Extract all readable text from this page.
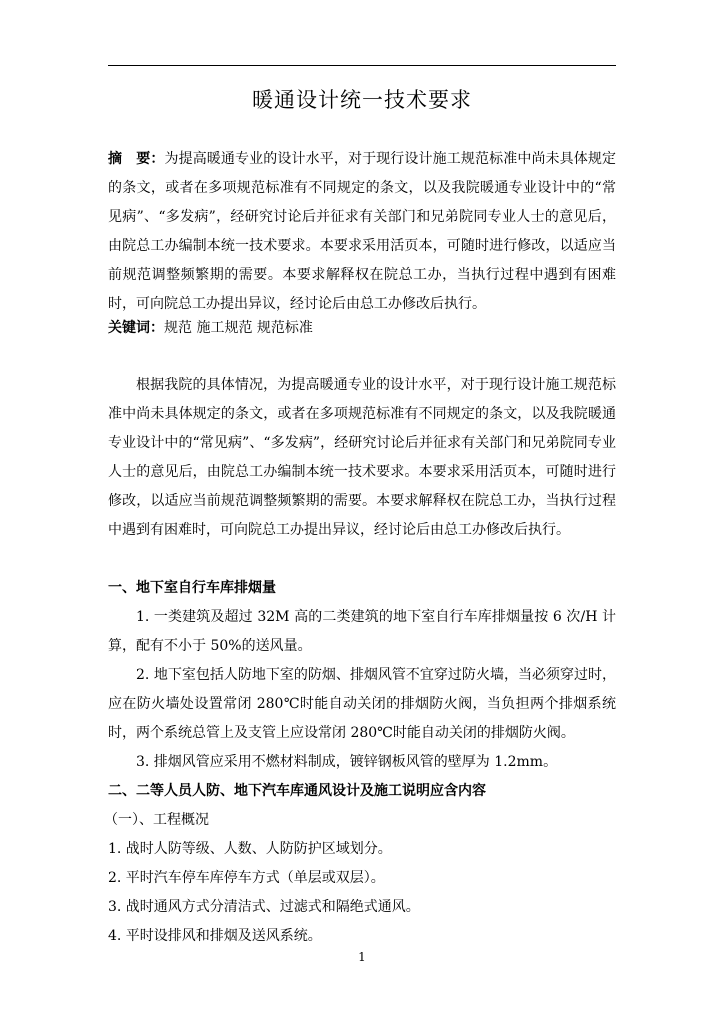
暖通设计统一技术要求
摘　要：为提高暖通专业的设计水平，对于现行设计施工规范标准中尚未具体规定的条文，或者在多项规范标准有不同规定的条文，以及我院暖通专业设计中的“常见病”、“多发病”，经研究讨论后并征求有关部门和兄弟院同专业人士的意见后，由院总工办编制本统一技术要求。本要求采用活页本，可随时进行修改，以适应当前规范调整频繁期的需要。本要求解释权在院总工办，当执行过程中遇到有困难时，可向院总工办提出异议，经讨论后由总工办修改后执行。
关键词：规范 施工规范 规范标准
根据我院的具体情况，为提高暖通专业的设计水平，对于现行设计施工规范标准中尚未具体规定的条文，或者在多项规范标准有不同规定的条文，以及我院暖通专业设计中的“常见病”、“多发病”，经研究讨论后并征求有关部门和兄弟院同专业人士的意见后，由院总工办编制本统一技术要求。本要求采用活页本，可随时进行修改，以适应当前规范调整频繁期的需要。本要求解释权在院总工办，当执行过程中遇到有困难时，可向院总工办提出异议，经讨论后由总工办修改后执行。
一、地下室自行车库排烟量
1. 一类建筑及超过 32M 高的二类建筑的地下室自行车库排烟量按 6 次/H 计算，配有不小于 50%的送风量。
2. 地下室包括人防地下室的防烟、排烟风管不宜穿过防火墙，当必须穿过时，应在防火墙处设置常闭 280℃时能自动关闭的排烟防火阀，当负担两个排烟系统时，两个系统总管上及支管上应设常闭 280℃时能自动关闭的排烟防火阀。
3. 排烟风管应采用不燃材料制成，镀锌钢板风管的壁厚为 1.2mm。
二、二等人员人防、地下汽车库通风设计及施工说明应含内容
（一）、工程概况
1. 战时人防等级、人数、人防防护区域划分。
2. 平时汽车停车库停车方式（单层或双层）。
3. 战时通风方式分清洁式、过滤式和隔绝式通风。
4. 平时设排风和排烟及送风系统。
1
